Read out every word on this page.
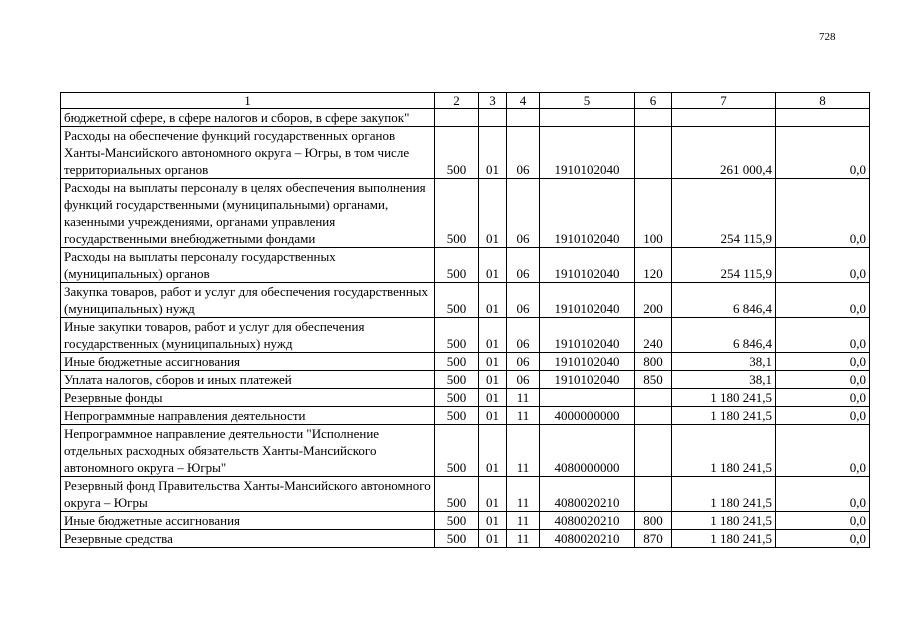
728
1	2	3	4	5	6	7	8
бюджетной сфере, в сфере налогов и сборов, в сфере закупок"							
Расходы на обеспечение функций государственных органов Ханты-Мансийского автономного округа – Югры, в том числе территориальных органов	500	01	06	1910102040		261 000,4	0,0
Расходы на выплаты персоналу в целях обеспечения выполнения функций государственными (муниципальными) органами, казенными учреждениями, органами управления государственными внебюджетными фондами	500	01	06	1910102040	100	254 115,9	0,0
Расходы на выплаты персоналу государственных (муниципальных) органов	500	01	06	1910102040	120	254 115,9	0,0
Закупка товаров, работ и услуг для обеспечения государственных (муниципальных) нужд	500	01	06	1910102040	200	6 846,4	0,0
Иные закупки товаров, работ и услуг для обеспечения государственных (муниципальных) нужд	500	01	06	1910102040	240	6 846,4	0,0
Иные бюджетные ассигнования	500	01	06	1910102040	800	38,1	0,0
Уплата налогов, сборов и иных платежей	500	01	06	1910102040	850	38,1	0,0
Резервные фонды	500	01	11			1 180 241,5	0,0
Непрограммные направления деятельности	500	01	11	4000000000		1 180 241,5	0,0
Непрограммное направление деятельности "Исполнение отдельных расходных обязательств Ханты-Мансийского автономного округа – Югры"	500	01	11	4080000000		1 180 241,5	0,0
Резервный фонд Правительства Ханты-Мансийского автономного округа – Югры	500	01	11	4080020210		1 180 241,5	0,0
Иные бюджетные ассигнования	500	01	11	4080020210	800	1 180 241,5	0,0
Резервные средства	500	01	11	4080020210	870	1 180 241,5	0,0
